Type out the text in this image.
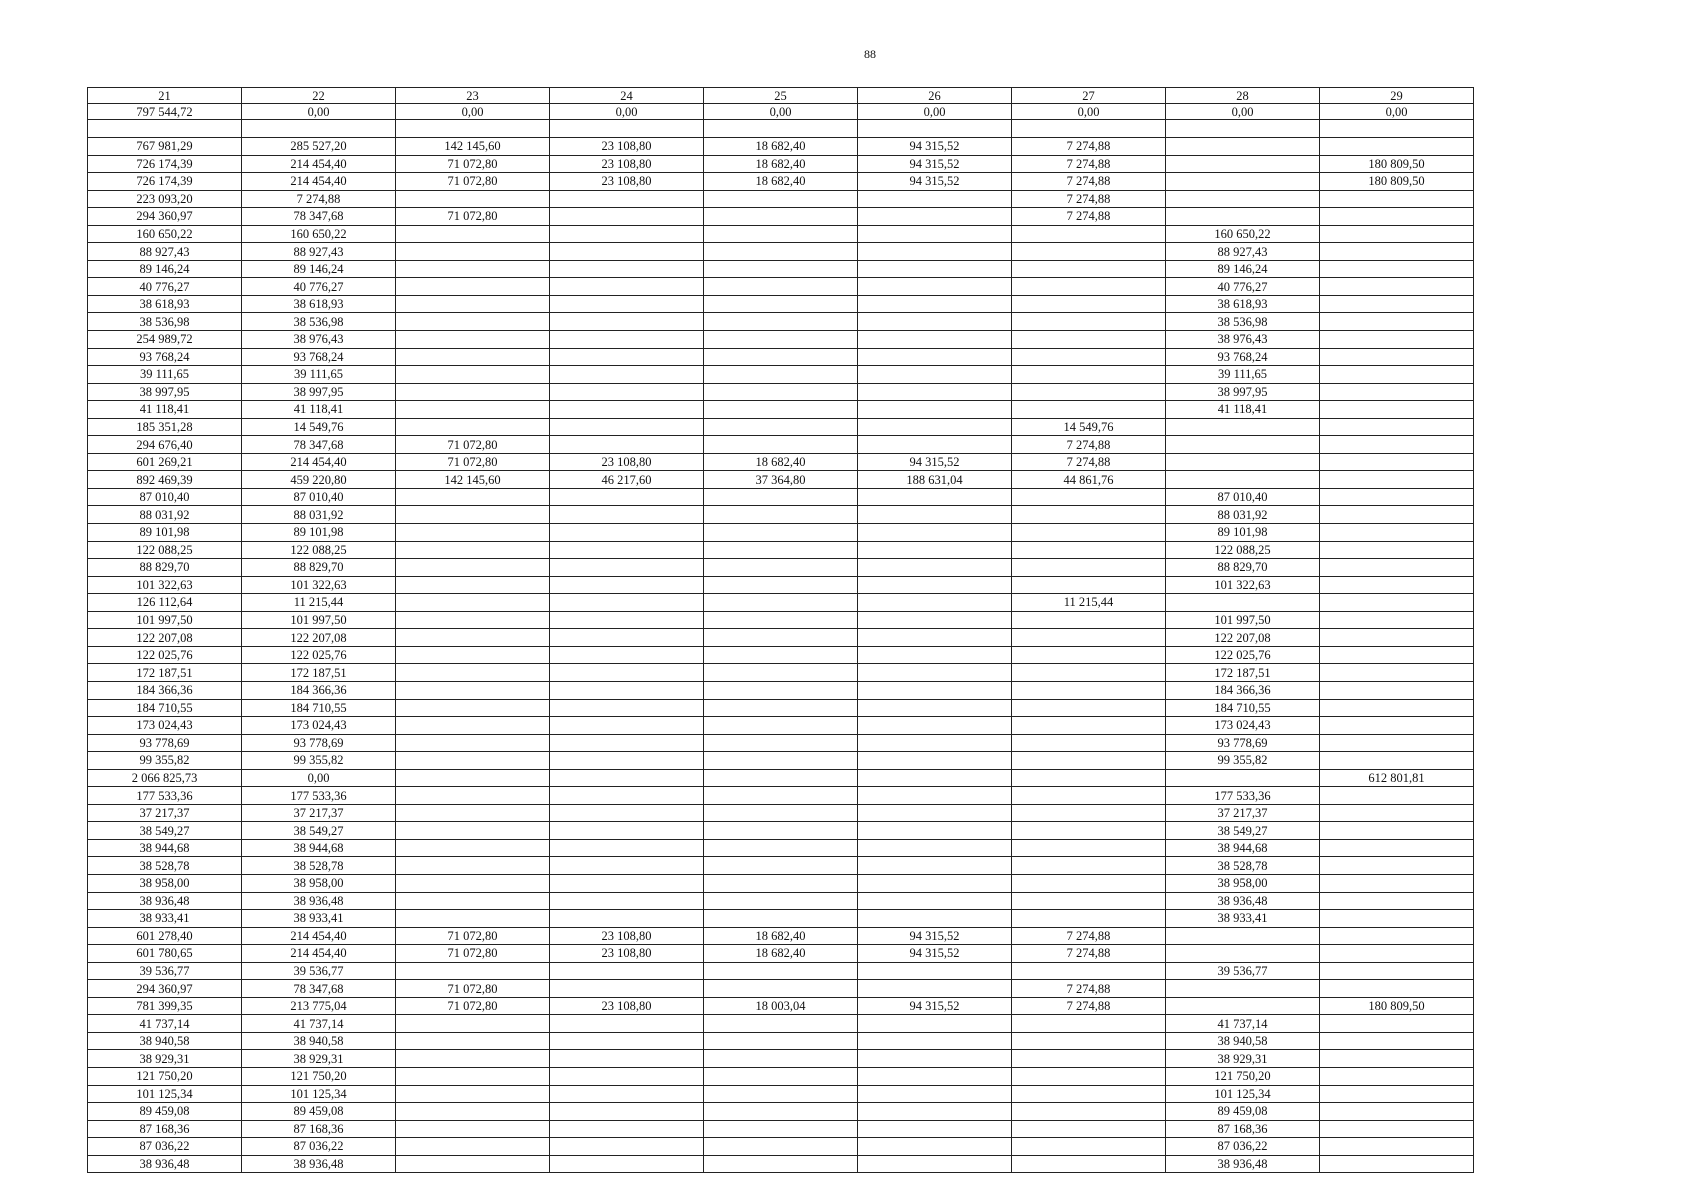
88
21	22	23	24	25	26	27	28	29
797 544,72	0,00	0,00	0,00	0,00	0,00	0,00	0,00	0,00

767 981,29	285 527,20	142 145,60	23 108,80	18 682,40	94 315,52	7 274,88		
726 174,39	214 454,40	71 072,80	23 108,80	18 682,40	94 315,52	7 274,88		180 809,50
726 174,39	214 454,40	71 072,80	23 108,80	18 682,40	94 315,52	7 274,88		180 809,50
223 093,20	7 274,88					7 274,88		
294 360,97	78 347,68	71 072,80				7 274,88		
160 650,22	160 650,22						160 650,22	
88 927,43	88 927,43						88 927,43	
89 146,24	89 146,24						89 146,24	
40 776,27	40 776,27						40 776,27	
38 618,93	38 618,93						38 618,93	
38 536,98	38 536,98						38 536,98	
254 989,72	38 976,43						38 976,43	
93 768,24	93 768,24						93 768,24	
39 111,65	39 111,65						39 111,65	
38 997,95	38 997,95						38 997,95	
41 118,41	41 118,41						41 118,41	
185 351,28	14 549,76					14 549,76		
294 676,40	78 347,68	71 072,80				7 274,88		
601 269,21	214 454,40	71 072,80	23 108,80	18 682,40	94 315,52	7 274,88		
892 469,39	459 220,80	142 145,60	46 217,60	37 364,80	188 631,04	44 861,76		
87 010,40	87 010,40						87 010,40	
88 031,92	88 031,92						88 031,92	
89 101,98	89 101,98						89 101,98	
122 088,25	122 088,25						122 088,25	
88 829,70	88 829,70						88 829,70	
101 322,63	101 322,63						101 322,63	
126 112,64	11 215,44					11 215,44		
101 997,50	101 997,50						101 997,50	
122 207,08	122 207,08						122 207,08	
122 025,76	122 025,76						122 025,76	
172 187,51	172 187,51						172 187,51	
184 366,36	184 366,36						184 366,36	
184 710,55	184 710,55						184 710,55	
173 024,43	173 024,43						173 024,43	
93 778,69	93 778,69						93 778,69	
99 355,82	99 355,82						99 355,82	
2 066 825,73	0,00							612 801,81
177 533,36	177 533,36						177 533,36	
37 217,37	37 217,37						37 217,37	
38 549,27	38 549,27						38 549,27	
38 944,68	38 944,68						38 944,68	
38 528,78	38 528,78						38 528,78	
38 958,00	38 958,00						38 958,00	
38 936,48	38 936,48						38 936,48	
38 933,41	38 933,41						38 933,41	
601 278,40	214 454,40	71 072,80	23 108,80	18 682,40	94 315,52	7 274,88		
601 780,65	214 454,40	71 072,80	23 108,80	18 682,40	94 315,52	7 274,88		
39 536,77	39 536,77						39 536,77	
294 360,97	78 347,68	71 072,80				7 274,88		
781 399,35	213 775,04	71 072,80	23 108,80	18 003,04	94 315,52	7 274,88		180 809,50
41 737,14	41 737,14						41 737,14	
38 940,58	38 940,58						38 940,58	
38 929,31	38 929,31						38 929,31	
121 750,20	121 750,20						121 750,20	
101 125,34	101 125,34						101 125,34	
89 459,08	89 459,08						89 459,08	
87 168,36	87 168,36						87 168,36	
87 036,22	87 036,22						87 036,22	
38 936,48	38 936,48						38 936,48	
